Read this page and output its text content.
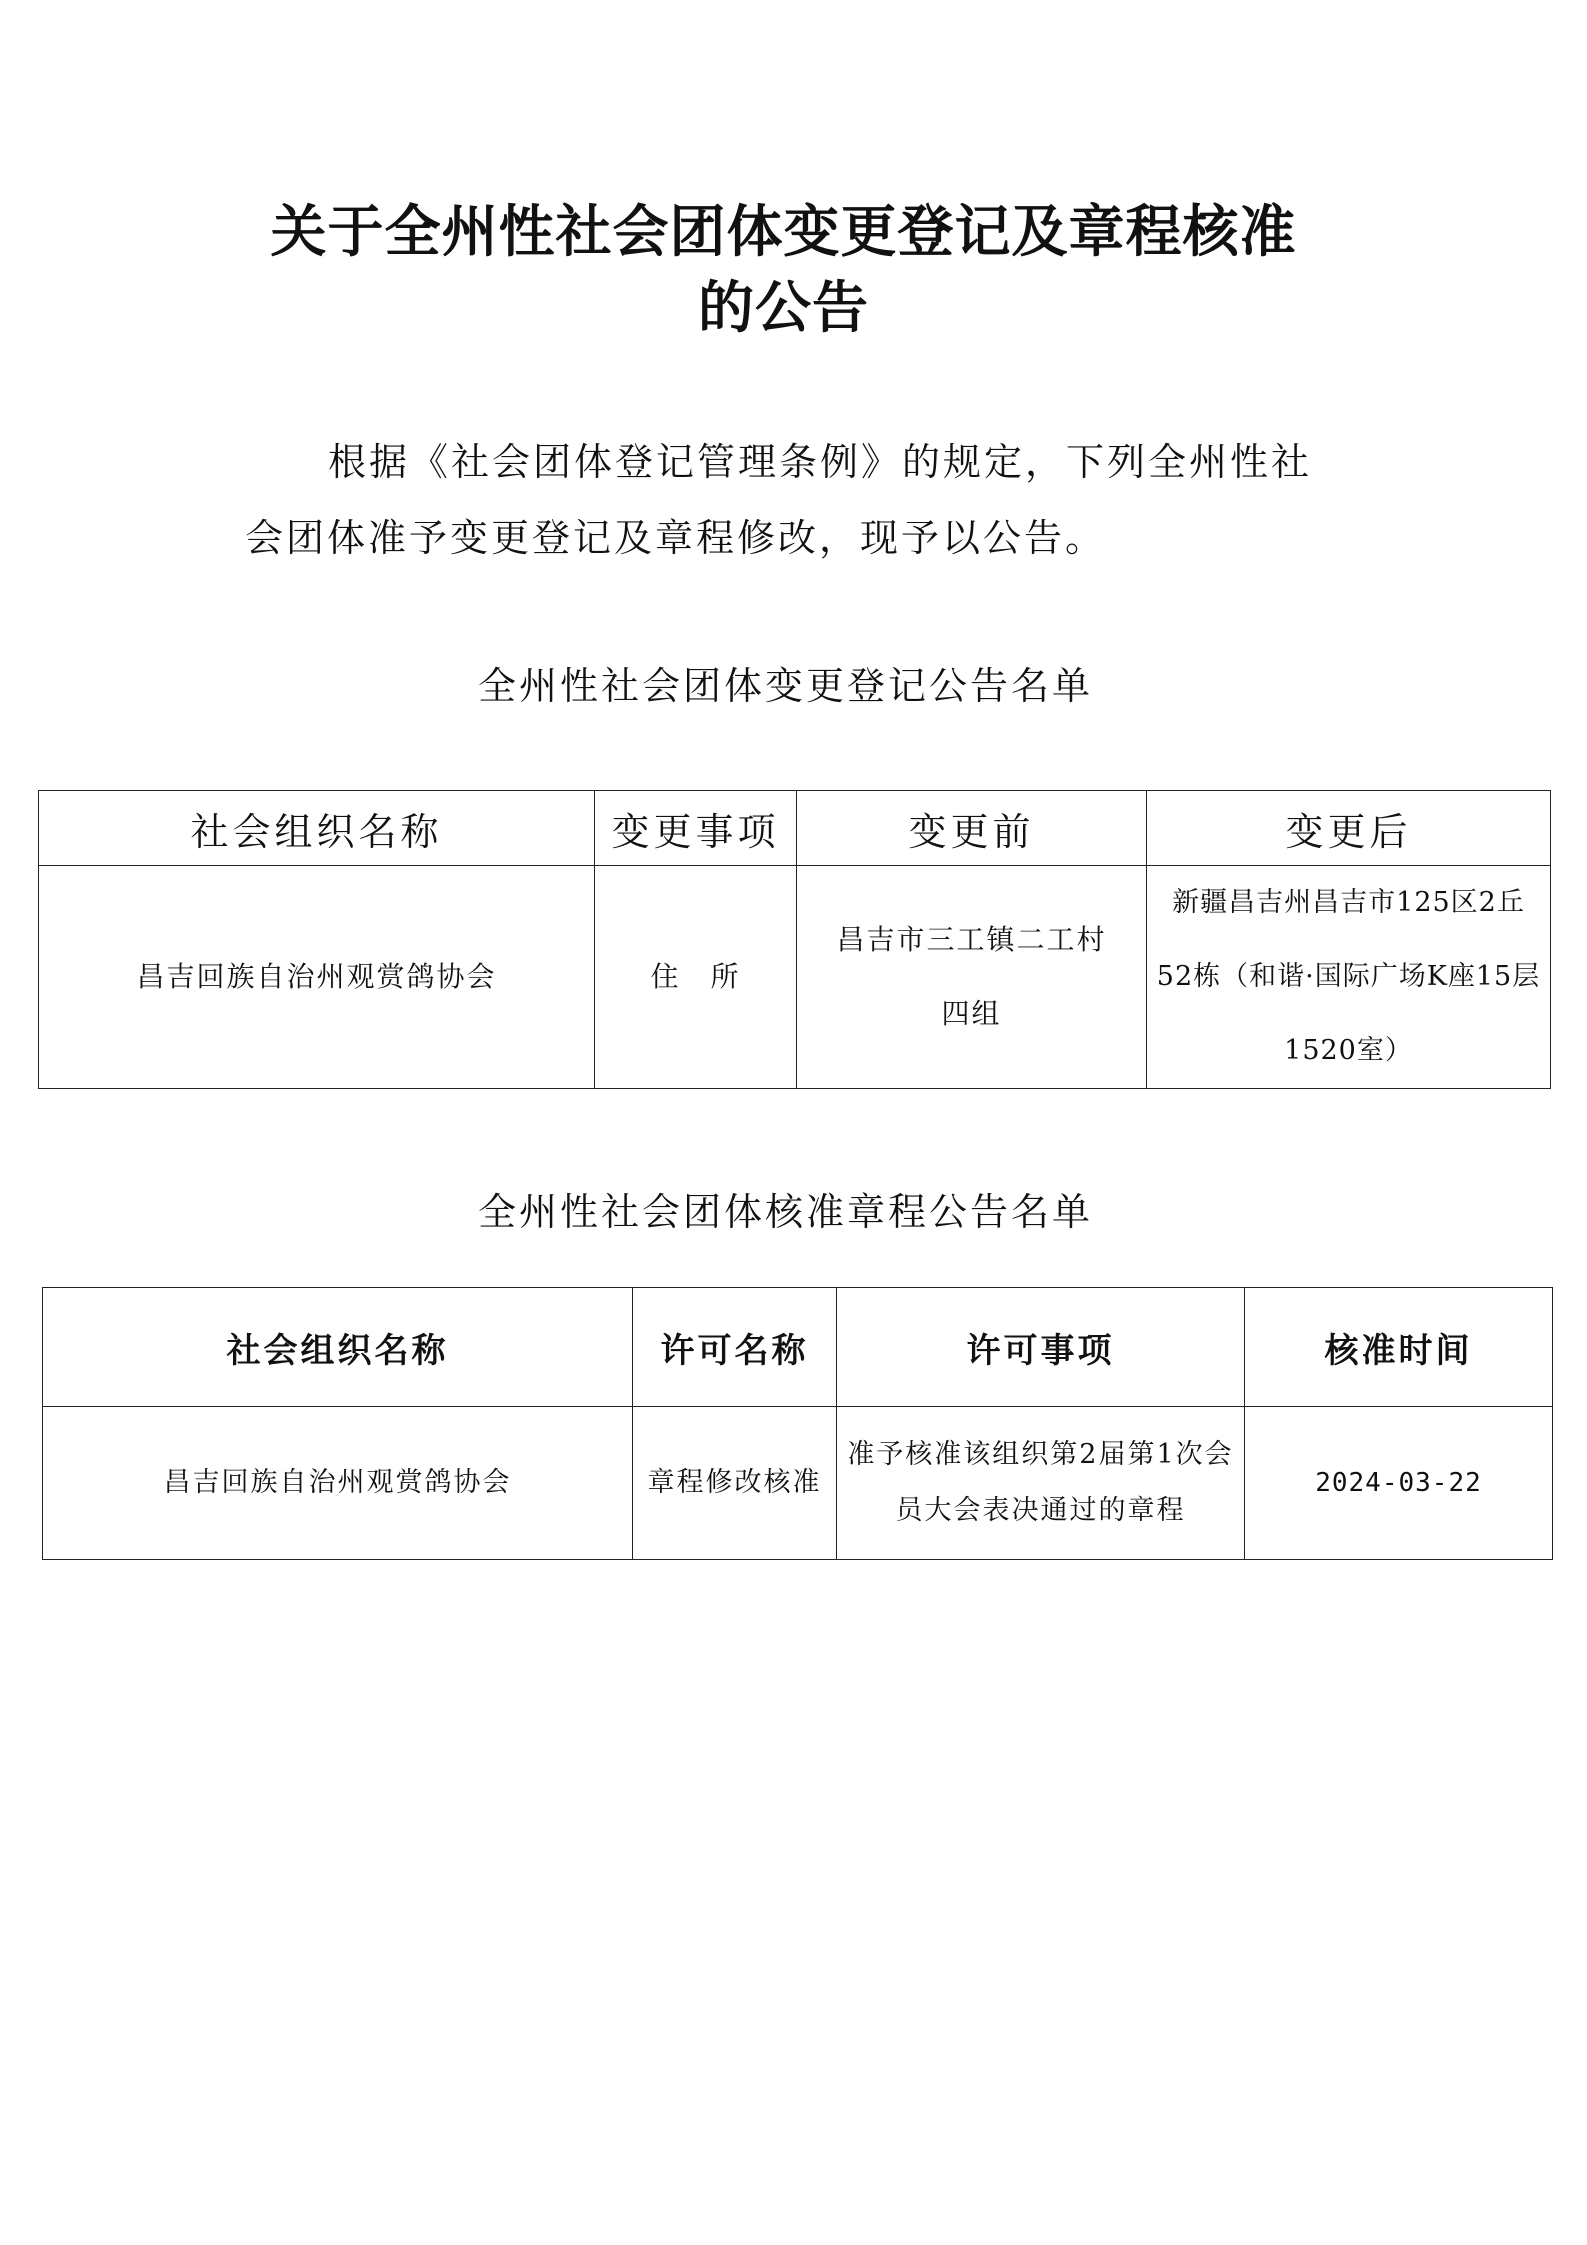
关于全州性社会团体变更登记及章程核准
的公告
根据《社会团体登记管理条例》的规定，下列全州性社
会团体准予变更登记及章程修改，现予以公告。
全州性社会团体变更登记公告名单
社会组织名称	变更事项	变更前	变更后
昌吉回族自治州观赏鸽协会	住　所	昌吉市三工镇二工村四组	新疆昌吉州昌吉市125区2丘52栋（和谐·国际广场K座15层1520室）
全州性社会团体核准章程公告名单
社会组织名称	许可名称	许可事项	核准时间
昌吉回族自治州观赏鸽协会	章程修改核准	准予核准该组织第2届第1次会员大会表决通过的章程	2024-03-22
